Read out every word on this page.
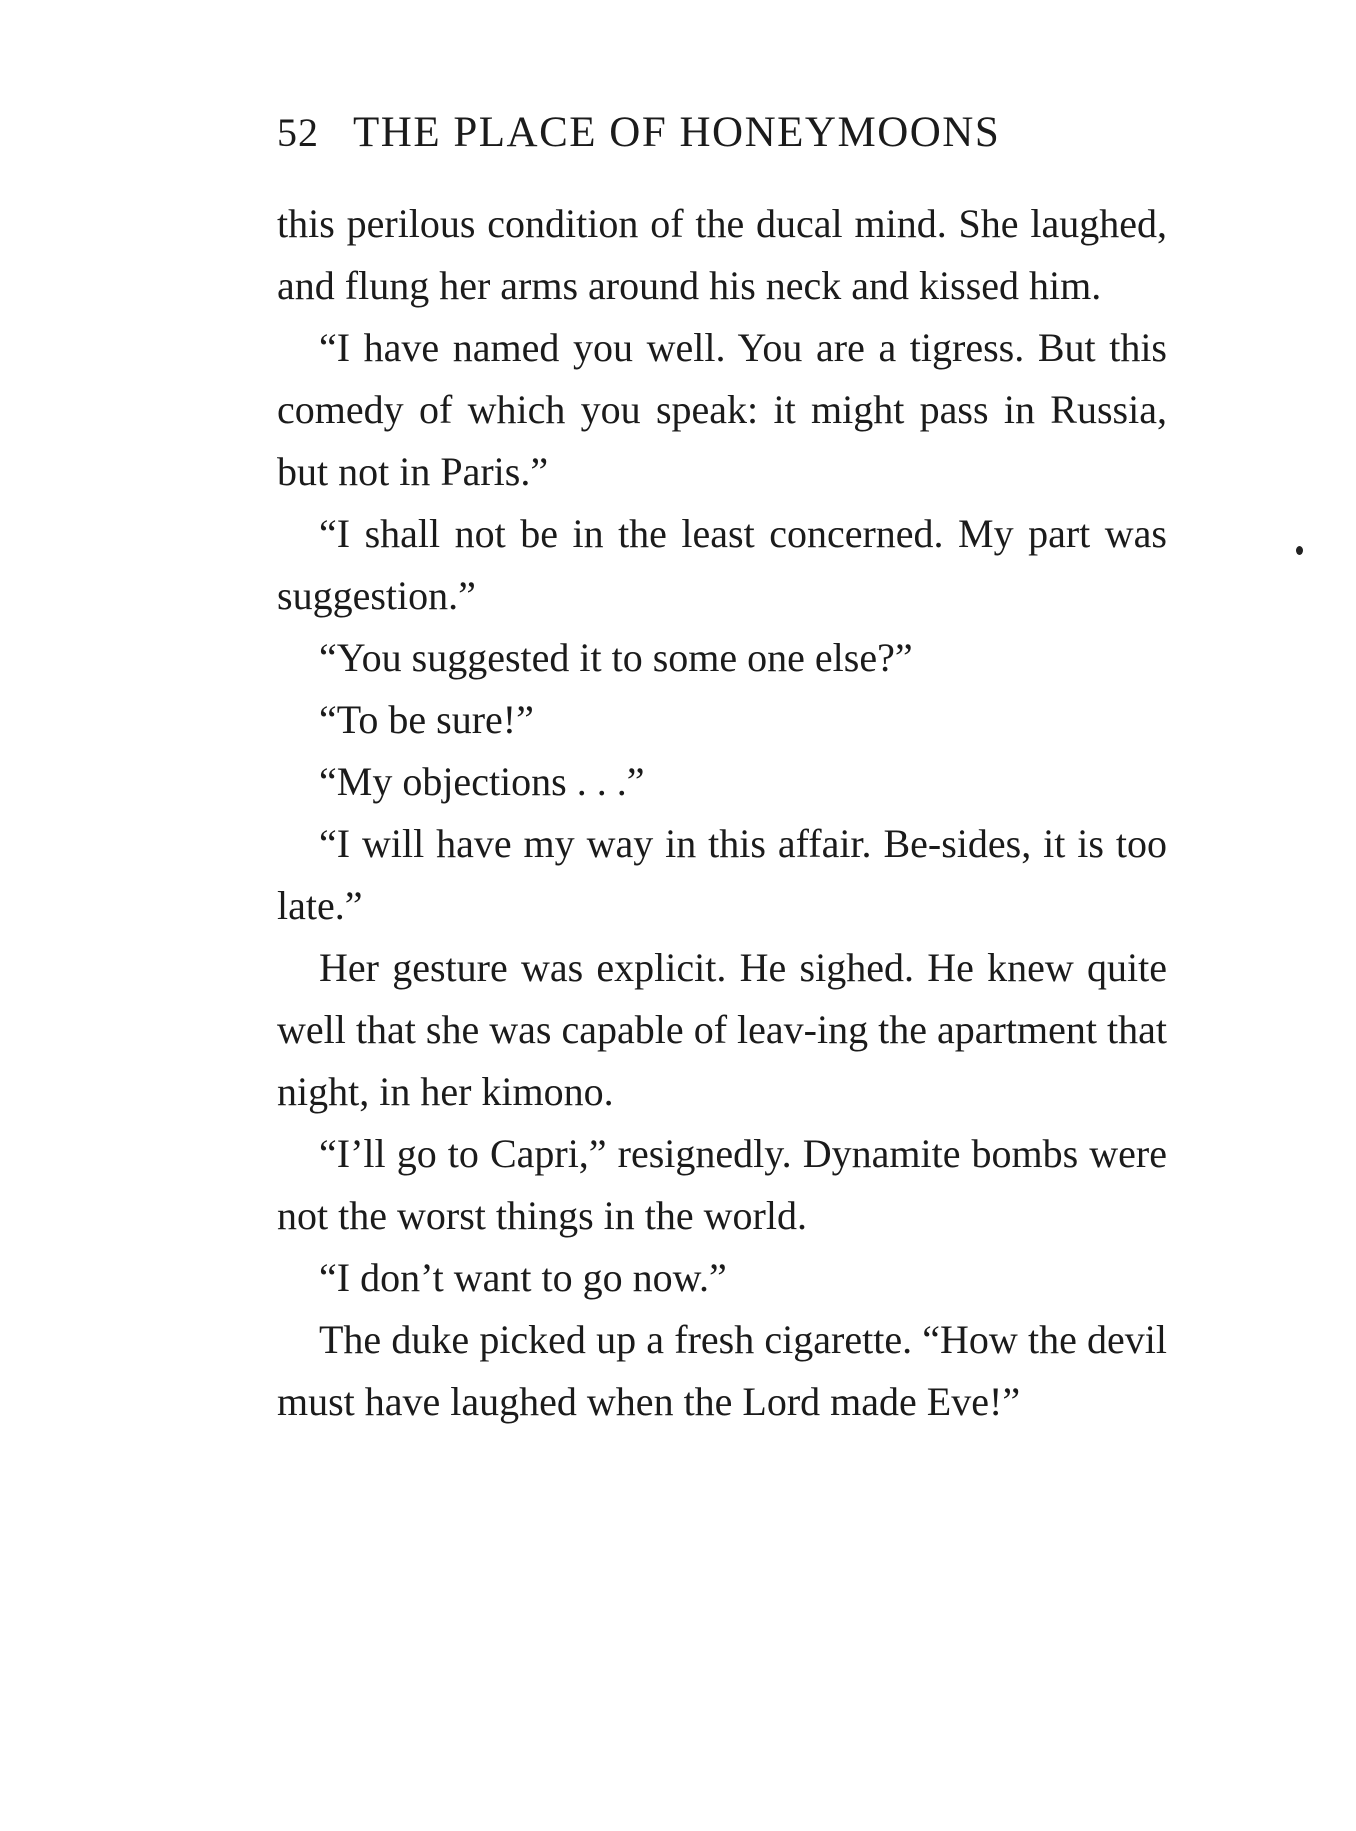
52 THE PLACE OF HONEYMOONS

this perilous condition of the ducal mind. She laughed, and flung her arms around his neck and kissed him.

“I have named you well. You are a tigress. But this comedy of which you speak: it might pass in Russia, but not in Paris.”

“I shall not be in the least concerned. My part was suggestion.”

“You suggested it to some one else?”

“To be sure!”

“My objections . . .”

“I will have my way in this affair. Be-sides, it is too late.”

Her gesture was explicit. He sighed. He knew quite well that she was capable of leav-ing the apartment that night, in her kimono.

“I’ll go to Capri,” resignedly. Dynamite bombs were not the worst things in the world.

“I don’t want to go now.”

The duke picked up a fresh cigarette. “How the devil must have laughed when the Lord made Eve!”
